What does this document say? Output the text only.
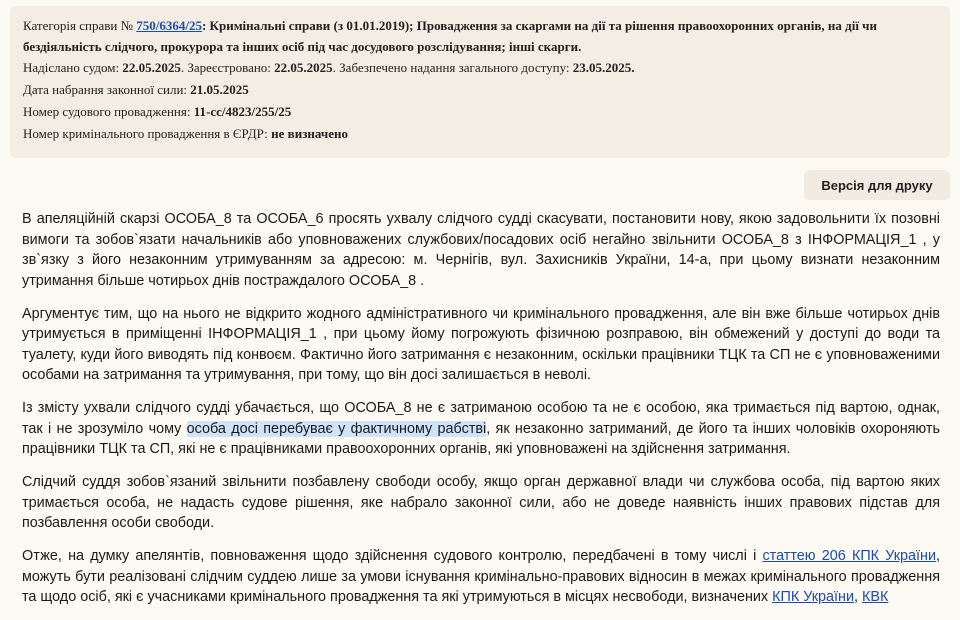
Категорія справи № 750/6364/25: Кримінальні справи (з 01.01.2019); Провадження за скаргами на дії та рішення правоохоронних органів, на дії чи бездіяльність слідчого, прокурора та інших осіб під час досудового розслідування; інші скарги.
Надіслано судом: 22.05.2025. Зареєстровано: 22.05.2025. Забезпечено надання загального доступу: 23.05.2025.
Дата набрання законної сили: 21.05.2025
Номер судового провадження: 11-сс/4823/255/25
Номер кримінального провадження в ЄРДР: не визначено
Версія для друку

В апеляційній скарзі ОСОБА_8 та ОСОБА_6 просять ухвалу слідчого судді скасувати, постановити нову, якою задовольнити їх позовні вимоги та зобов`язати начальників або уповноважених службових/посадових осіб негайно звільнити ОСОБА_8 з ІНФОРМАЦІЯ_1 , у зв`язку з його незаконним утримуванням за адресою: м. Чернігів, вул. Захисників України, 14-а, при цьому визнати незаконним утримання більше чотирьох днів постраждалого ОСОБА_8 .

Аргументує тим, що на нього не відкрито жодного адміністративного чи кримінального провадження, але він вже більше чотирьох днів утримується в приміщенні ІНФОРМАЦІЯ_1 , при цьому йому погрожують фізичною розправою, він обмежений у доступі до води та туалету, куди його виводять під конвоєм. Фактично його затримання є незаконним, оскільки працівники ТЦК та СП не є уповноваженими особами на затримання та утримування, при тому, що він досі залишається в неволі.

Із змісту ухвали слідчого судді убачається, що ОСОБА_8 не є затриманою особою та не є особою, яка тримається під вартою, однак, так і не зрозуміло чому особа досі перебуває у фактичному рабстві, як незаконно затриманий, де його та інших чоловіків охороняють працівники ТЦК та СП, які не є працівниками правоохоронних органів, які уповноважені на здійснення затримання.

Слідчий суддя зобов`язаний звільнити позбавлену свободи особу, якщо орган державної влади чи службова особа, під вартою яких тримається особа, не надасть судове рішення, яке набрало законної сили, або не доведе наявність інших правових підстав для позбавлення особи свободи.

Отже, на думку апелянтів, повноваження щодо здійснення судового контролю, передбачені в тому числі і статтею 206 КПК України, можуть бути реалізовані слідчим суддею лише за умови існування кримінально-правових відносин в межах кримінального провадження та щодо осіб, які є учасниками кримінального провадження та які утримуються в місцях несвободи, визначених КПК України, КВК
